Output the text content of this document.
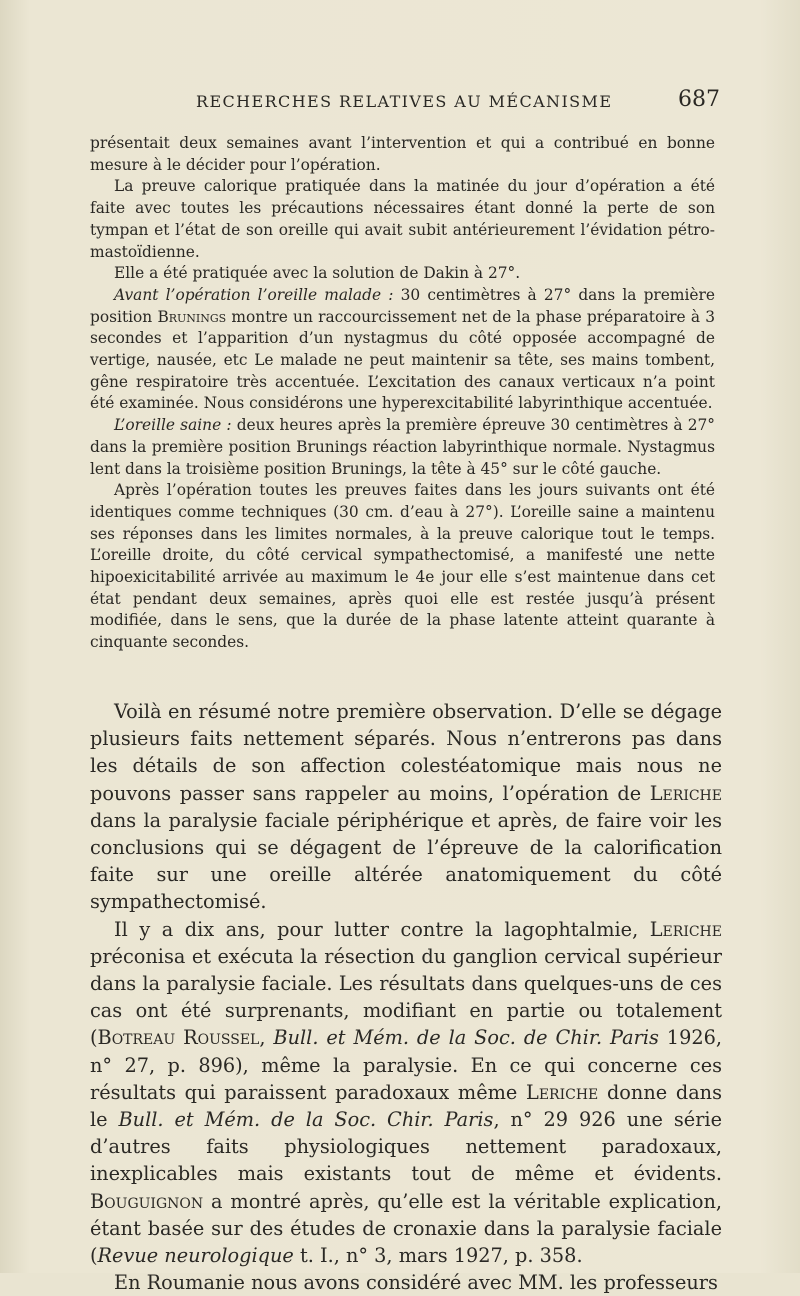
RECHERCHES RELATIVES AU MÉCANISME	687

présentait deux semaines avant l’intervention et qui a contribué en bonne mesure à le décider pour l’opération.

La preuve calorique pratiquée dans la matinée du jour d’opération a été faite avec toutes les précautions nécessaires étant donné la perte de son tympan et l’état de son oreille qui avait subit antérieurement l’évidation pétro-mastoïdienne.

Elle a été pratiquée avec la solution de Dakin à 27°.

Avant l’opération l’oreille malade : 30 centimètres à 27° dans la première position Brunings montre un raccourcissement net de la phase préparatoire à 3 secondes et l’apparition d’un nystagmus du côté opposée accompagné de vertige, nausée, etc Le malade ne peut maintenir sa tête, ses mains tombent, gêne respiratoire très accentuée. L’excitation des canaux verticaux n’a point été examinée. Nous considérons une hyperexcitabilité labyrinthique accentuée.

L’oreille saine : deux heures après la première épreuve 30 centimètres à 27° dans la première position Brunings réaction labyrinthique normale. Nystagmus lent dans la troisième position Brunings, la tête à 45° sur le côté gauche.

Après l’opération toutes les preuves faites dans les jours suivants ont été identiques comme techniques (30 cm. d’eau à 27°). L’oreille saine a maintenu ses réponses dans les limites normales, à la preuve calorique tout le temps. L’oreille droite, du côté cervical sympathectomisé, a manifesté une nette hipoexicitabilité arrivée au maximum le 4e jour elle s’est maintenue dans cet état pendant deux semaines, après quoi elle est restée jusqu’à présent modifiée, dans le sens, que la durée de la phase latente atteint quarante à cinquante secondes.

Voilà en résumé notre première observation. D’elle se dégage plusieurs faits nettement séparés. Nous n’entrerons pas dans les détails de son affection colestéatomique mais nous ne pouvons passer sans rappeler au moins, l’opération de Leriche dans la paralysie faciale périphérique et après, de faire voir les conclusions qui se dégagent de l’épreuve de la calorification faite sur une oreille altérée anatomiquement du côté sympathectomisé.

Il y a dix ans, pour lutter contre la lagophtalmie, Leriche préconisa et exécuta la résection du ganglion cervical supérieur dans la paralysie faciale. Les résultats dans quelques-uns de ces cas ont été surprenants, modifiant en partie ou totalement (Botreau Roussel, Bull. et Mém. de la Soc. de Chir. Paris 1926, n° 27, p. 896), même la paralysie. En ce qui concerne ces résultats qui paraissent paradoxaux même Leriche donne dans le Bull. et Mém. de la Soc. Chir. Paris, n° 29 926 une série d’autres faits physiologiques nettement paradoxaux, inexplicables mais existants tout de même et évidents. Bouguignon a montré après, qu’elle est la véritable explication, étant basée sur des études de cronaxie dans la paralysie faciale (Revue neurologique t. I., n° 3, mars 1927, p. 358.

En Roumanie nous avons considéré avec MM. les professeurs
